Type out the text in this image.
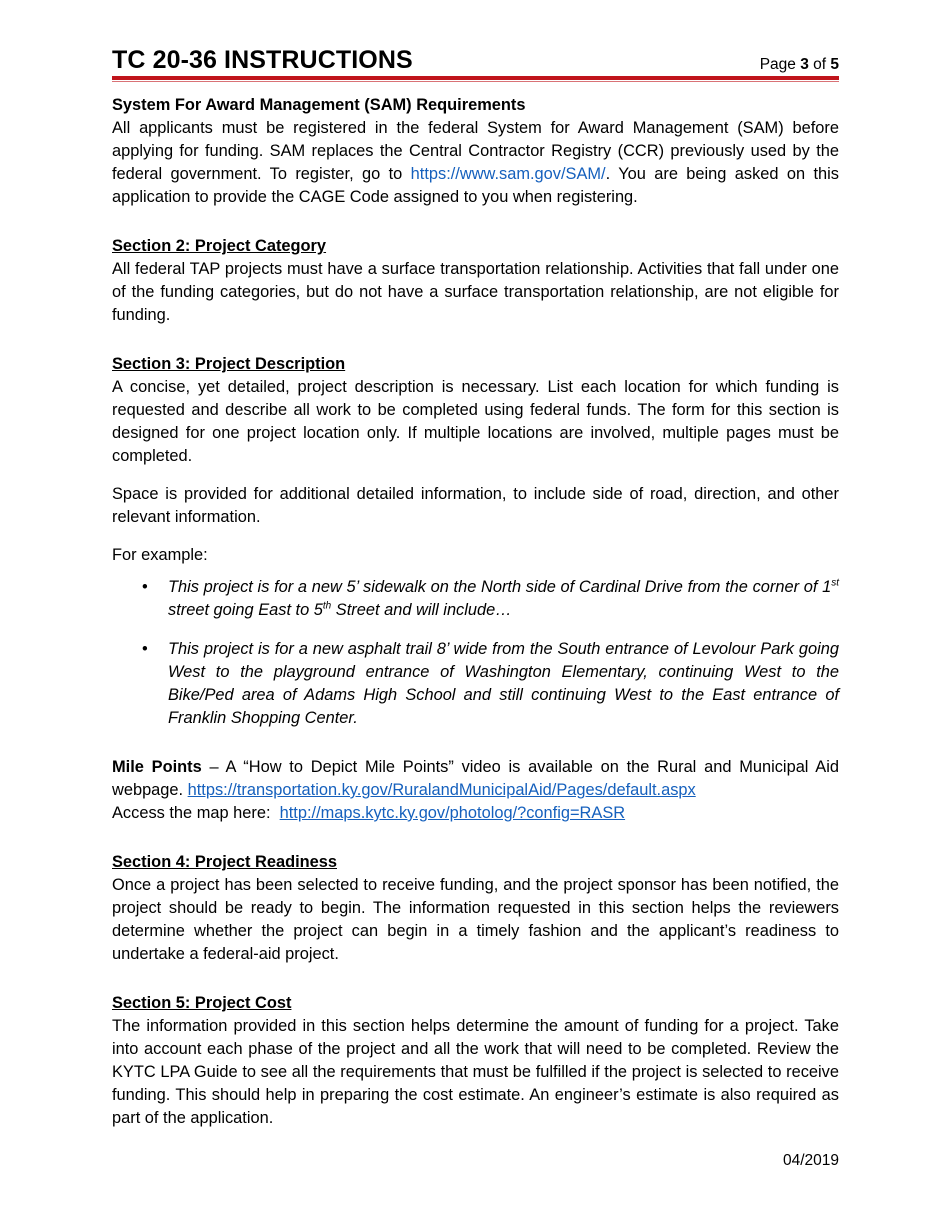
TC 20-36 INSTRUCTIONS	Page 3 of 5

System For Award Management (SAM) Requirements

All applicants must be registered in the federal System for Award Management (SAM) before applying for funding. SAM replaces the Central Contractor Registry (CCR) previously used by the federal government. To register, go to https://www.sam.gov/SAM/. You are being asked on this application to provide the CAGE Code assigned to you when registering.

Section 2: Project Category

All federal TAP projects must have a surface transportation relationship. Activities that fall under one of the funding categories, but do not have a surface transportation relationship, are not eligible for funding.

Section 3: Project Description

A concise, yet detailed, project description is necessary. List each location for which funding is requested and describe all work to be completed using federal funds. The form for this section is designed for one project location only. If multiple locations are involved, multiple pages must be completed.

Space is provided for additional detailed information, to include side of road, direction, and other relevant information.

For example:

• This project is for a new 5’ sidewalk on the North side of Cardinal Drive from the corner of 1st street going East to 5th Street and will include…
• This project is for a new asphalt trail 8’ wide from the South entrance of Levolour Park going West to the playground entrance of Washington Elementary, continuing West to the Bike/Ped area of Adams High School and still continuing West to the East entrance of Franklin Shopping Center.

Mile Points – A “How to Depict Mile Points” video is available on the Rural and Municipal Aid webpage. https://transportation.ky.gov/RuralandMunicipalAid/Pages/default.aspx

Access the map here:  http://maps.kytc.ky.gov/photolog/?config=RASR

Section 4: Project Readiness

Once a project has been selected to receive funding, and the project sponsor has been notified, the project should be ready to begin. The information requested in this section helps the reviewers determine whether the project can begin in a timely fashion and the applicant’s readiness to undertake a federal-aid project.

Section 5: Project Cost

The information provided in this section helps determine the amount of funding for a project. Take into account each phase of the project and all the work that will need to be completed. Review the KYTC LPA Guide to see all the requirements that must be fulfilled if the project is selected to receive funding. This should help in preparing the cost estimate. An engineer’s estimate is also required as part of the application.

04/2019
